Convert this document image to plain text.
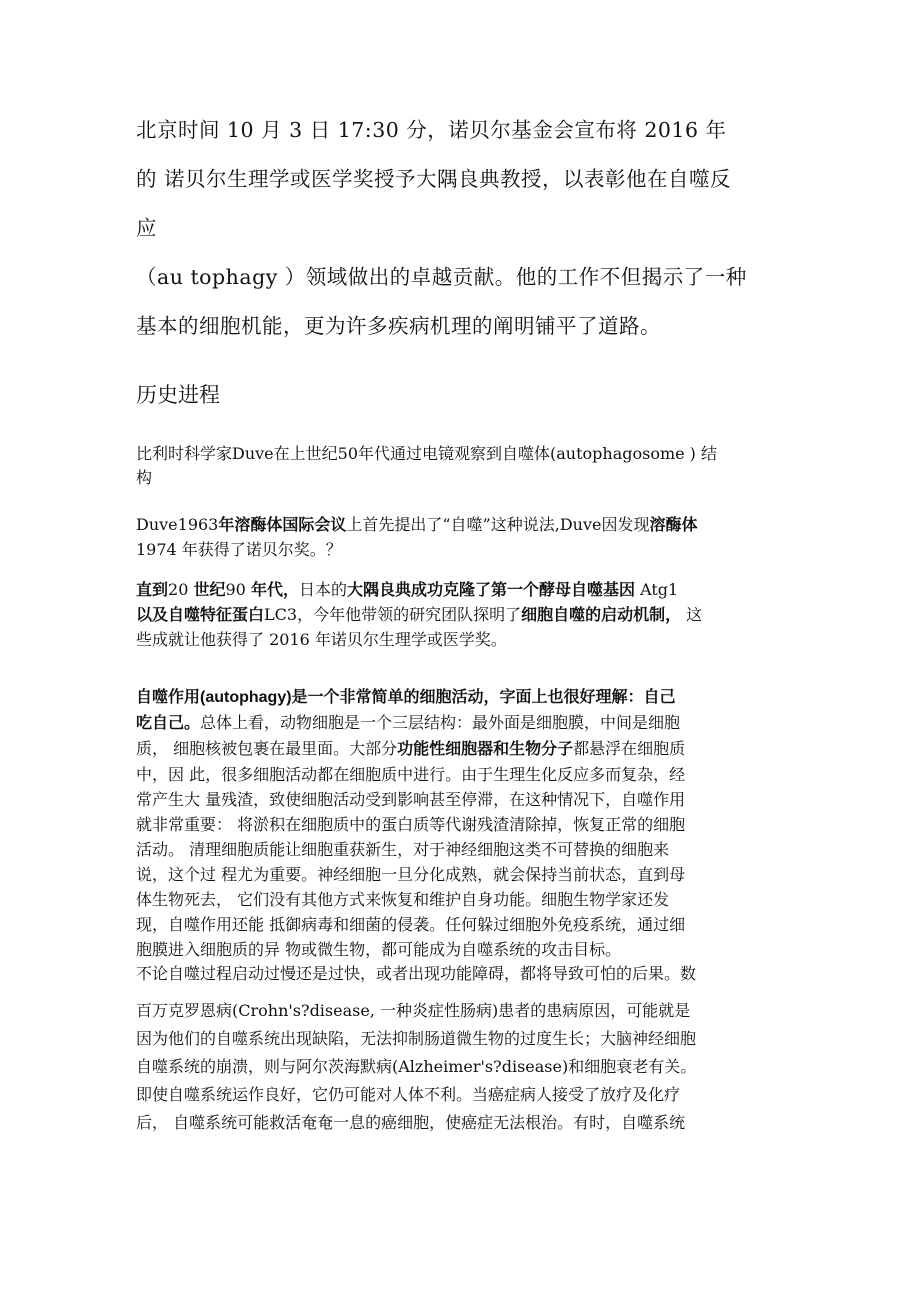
北京时间 10 月 3 日 17:30 分，诺贝尔基金会宣布将 2016 年
的 诺贝尔生理学或医学奖授予大隅良典教授，以表彰他在自噬反
应
（au tophagy ）领域做出的卓越贡献。他的工作不但揭示了一种
基本的细胞机能，更为许多疾病机理的阐明铺平了道路。
历史进程
比利时科学家Duve在上世纪50年代通过电镜观察到自噬体(autophagosome ) 结
构
Duve1963年溶酶体国际会议上首先提出了“自噬”这种说法,Duve因发现溶酶体
1974 年获得了诺贝尔奖。？
直到20 世纪90 年代，日本的大隅良典成功克隆了第一个酵母自噬基因 Atg1
以及自噬特征蛋白LC3，今年他带领的研究团队探明了细胞自噬的启动机制， 这
些成就让他获得了 2016 年诺贝尔生理学或医学奖。
自噬作用(autophagy)是一个非常简单的细胞活动，字面上也很好理解：自己
吃自己。总体上看，动物细胞是一个三层结构：最外面是细胞膜，中间是细胞
质， 细胞核被包裹在最里面。大部分功能性细胞器和生物分子都悬浮在细胞质
中，因 此，很多细胞活动都在细胞质中进行。由于生理生化反应多而复杂，经
常产生大 量残渣，致使细胞活动受到影响甚至停滞，在这种情况下，自噬作用
就非常重要： 将淤积在细胞质中的蛋白质等代谢残渣清除掉，恢复正常的细胞
活动。 清理细胞质能让细胞重获新生，对于神经细胞这类不可替换的细胞来
说，这个过 程尤为重要。神经细胞一旦分化成熟，就会保持当前状态，直到母
体生物死去， 它们没有其他方式来恢复和维护自身功能。细胞生物学家还发
现，自噬作用还能 抵御病毒和细菌的侵袭。任何躲过细胞外免疫系统，通过细
胞膜进入细胞质的异 物或微生物，都可能成为自噬系统的攻击目标。
不论自噬过程启动过慢还是过快，或者出现功能障碍，都将导致可怕的后果。数
百万克罗恩病(Crohn's?disease, 一种炎症性肠病)患者的患病原因，可能就是
因为他们的自噬系统出现缺陷，无法抑制肠道微生物的过度生长；大脑神经细胞
自噬系统的崩溃，则与阿尔茨海默病(Alzheimer's?disease)和细胞衰老有关。
即使自噬系统运作良好，它仍可能对人体不利。当癌症病人接受了放疗及化疗
后， 自噬系统可能救活奄奄一息的癌细胞，使癌症无法根治。有时，自噬系统
